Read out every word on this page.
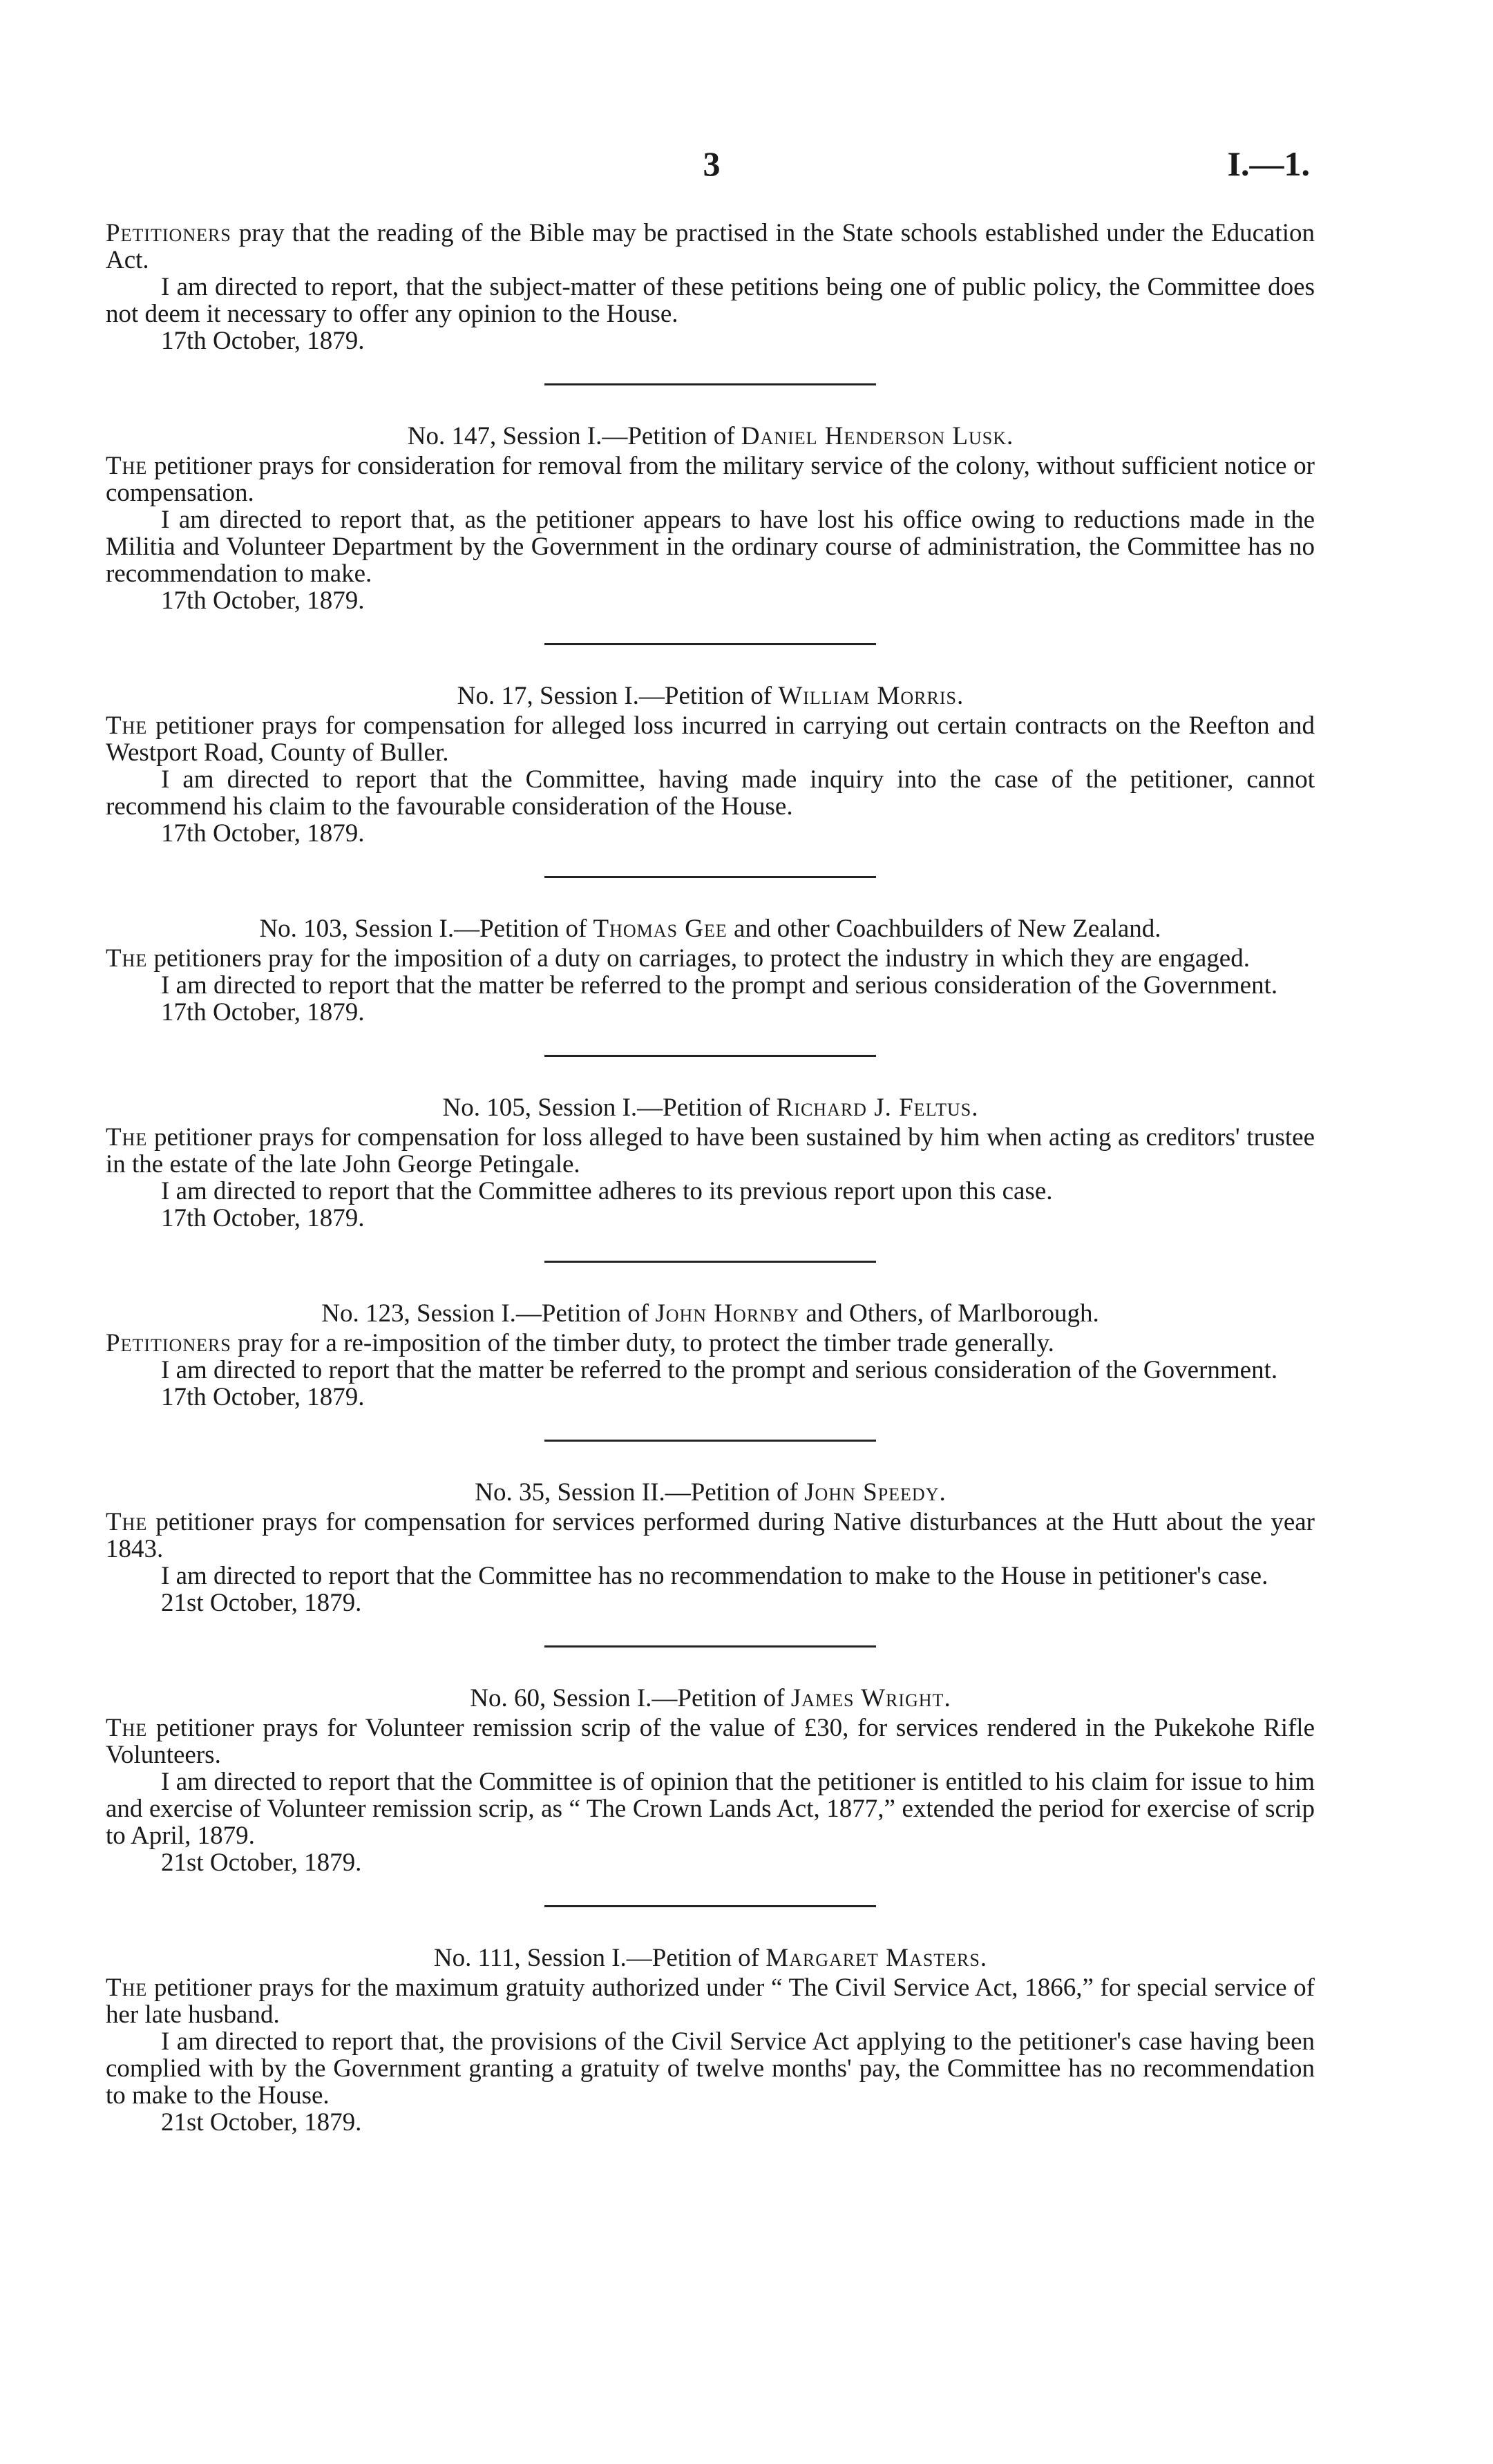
3	I.—1.

Petitioners pray that the reading of the Bible may be practised in the State schools established under the Education Act.

I am directed to report, that the subject-matter of these petitions being one of public policy, the Committee does not deem it necessary to offer any opinion to the House.

17th October, 1879.

No. 147, Session I.—Petition of Daniel Henderson Lusk.

The petitioner prays for consideration for removal from the military service of the colony, without sufficient notice or compensation.

I am directed to report that, as the petitioner appears to have lost his office owing to reductions made in the Militia and Volunteer Department by the Government in the ordinary course of administration, the Committee has no recommendation to make.

17th October, 1879.

No. 17, Session I.—Petition of William Morris.

The petitioner prays for compensation for alleged loss incurred in carrying out certain contracts on the Reefton and Westport Road, County of Buller.

I am directed to report that the Committee, having made inquiry into the case of the petitioner, cannot recommend his claim to the favourable consideration of the House.

17th October, 1879.

No. 103, Session I.—Petition of Thomas Gee and other Coachbuilders of New Zealand.

The petitioners pray for the imposition of a duty on carriages, to protect the industry in which they are engaged.

I am directed to report that the matter be referred to the prompt and serious consideration of the Government.

17th October, 1879.

No. 105, Session I.—Petition of Richard J. Feltus.

The petitioner prays for compensation for loss alleged to have been sustained by him when acting as creditors' trustee in the estate of the late John George Petingale.

I am directed to report that the Committee adheres to its previous report upon this case.

17th October, 1879.

No. 123, Session I.—Petition of John Hornby and Others, of Marlborough.

Petitioners pray for a re-imposition of the timber duty, to protect the timber trade generally.

I am directed to report that the matter be referred to the prompt and serious consideration of the Government.

17th October, 1879.

No. 35, Session II.—Petition of John Speedy.

The petitioner prays for compensation for services performed during Native disturbances at the Hutt about the year 1843.

I am directed to report that the Committee has no recommendation to make to the House in petitioner's case.

21st October, 1879.

No. 60, Session I.—Petition of James Wright.

The petitioner prays for Volunteer remission scrip of the value of £30, for services rendered in the Pukekohe Rifle Volunteers.

I am directed to report that the Committee is of opinion that the petitioner is entitled to his claim for issue to him and exercise of Volunteer remission scrip, as “ The Crown Lands Act, 1877,” extended the period for exercise of scrip to April, 1879.

21st October, 1879.

No. 111, Session I.—Petition of Margaret Masters.

The petitioner prays for the maximum gratuity authorized under “ The Civil Service Act, 1866,” for special service of her late husband.

I am directed to report that, the provisions of the Civil Service Act applying to the petitioner's case having been complied with by the Government granting a gratuity of twelve months' pay, the Committee has no recommendation to make to the House.

21st October, 1879.
